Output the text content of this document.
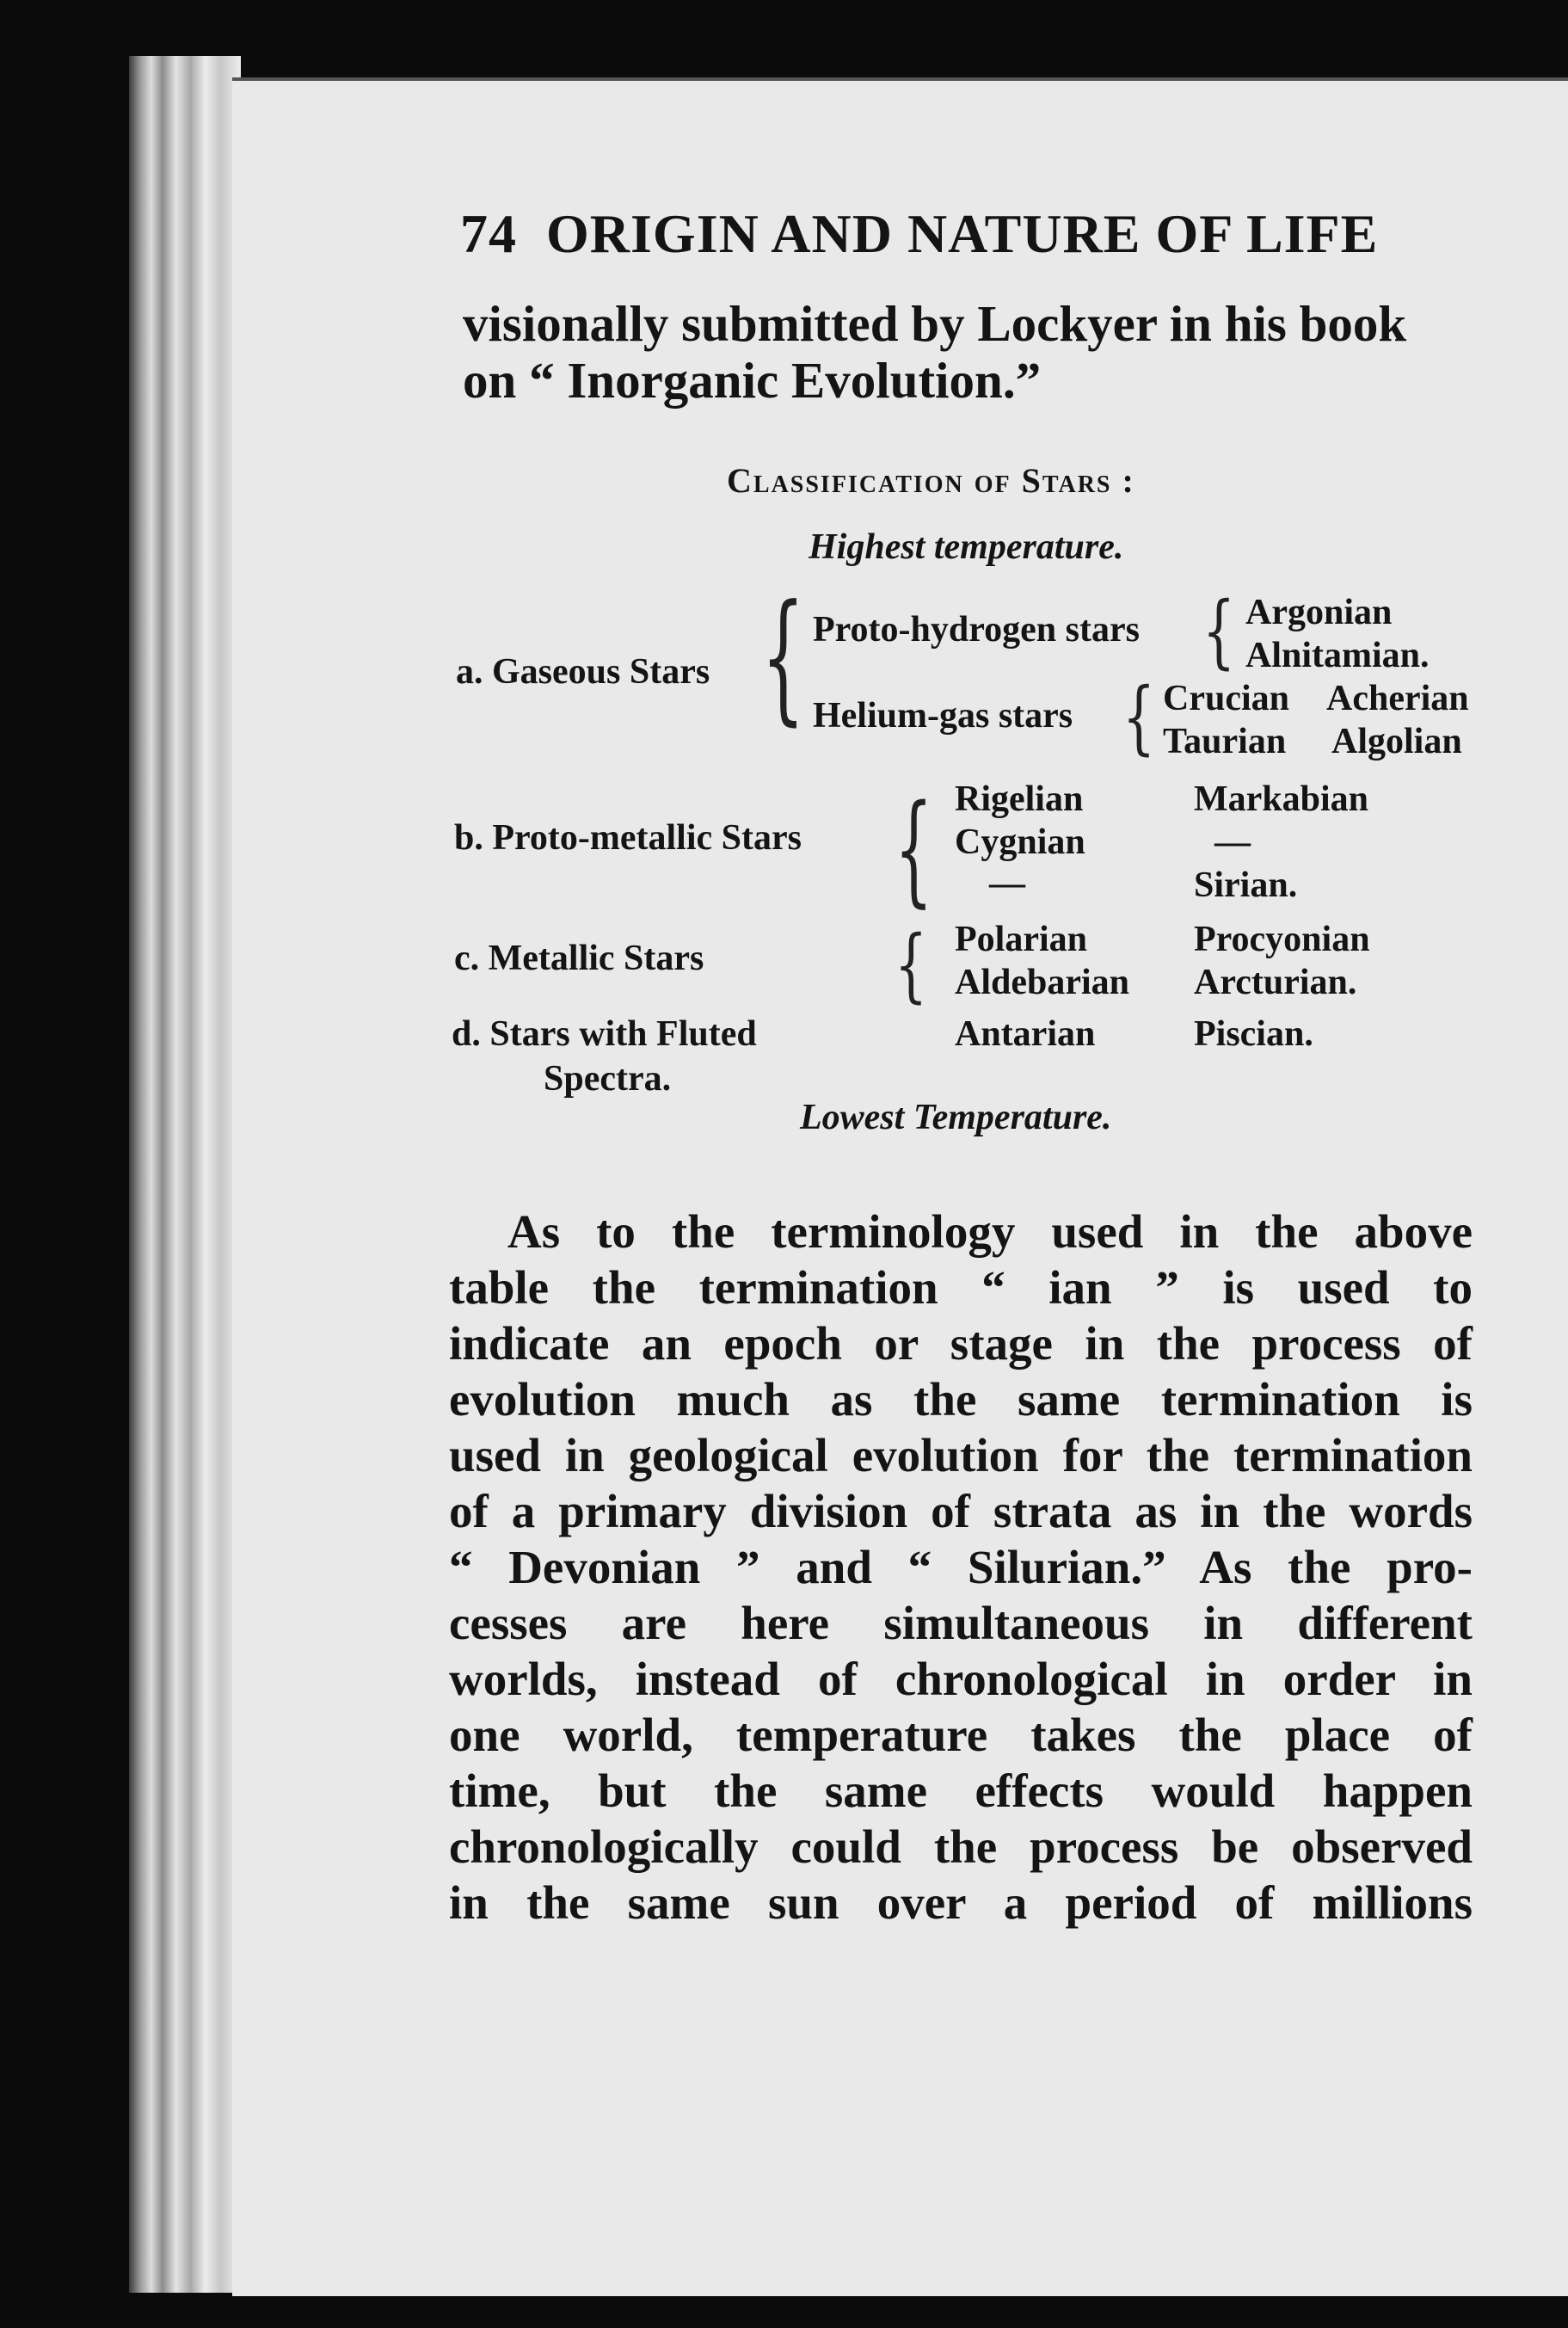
74 ORIGIN AND NATURE OF LIFE
visionally submitted by Lockyer in his book
on “ Inorganic Evolution.”
Classification of Stars :
Highest temperature.
a. Gaseous Stars { Proto-hydrogen stars { Argonian
Alnitamian.
Helium-gas stars { Crucian Acherian
Taurian Algolian
b. Proto-metallic Stars { Rigelian
Cygnian
—
Markabian
—
Sirian.
c. Metallic Stars	{ Polarian
Aldebarian
Procyonian
Arcturian.
d. Stars with Fluted
Spectra.
Antarian	Piscian.
Lowest Temperature.
As to the terminology used in the above
table the termination “ ian ” is used to
indicate an epoch or stage in the process of
evolution much as the same termination is
used in geological evolution for the termination
of a primary division of strata as in the words
“ Devonian ” and “ Silurian.” As the pro-
cesses are here simultaneous in different
worlds, instead of chronological in order in
one world, temperature takes the place of
time, but the same effects would happen
chronologically could the process be observed
in the same sun over a period of millions
